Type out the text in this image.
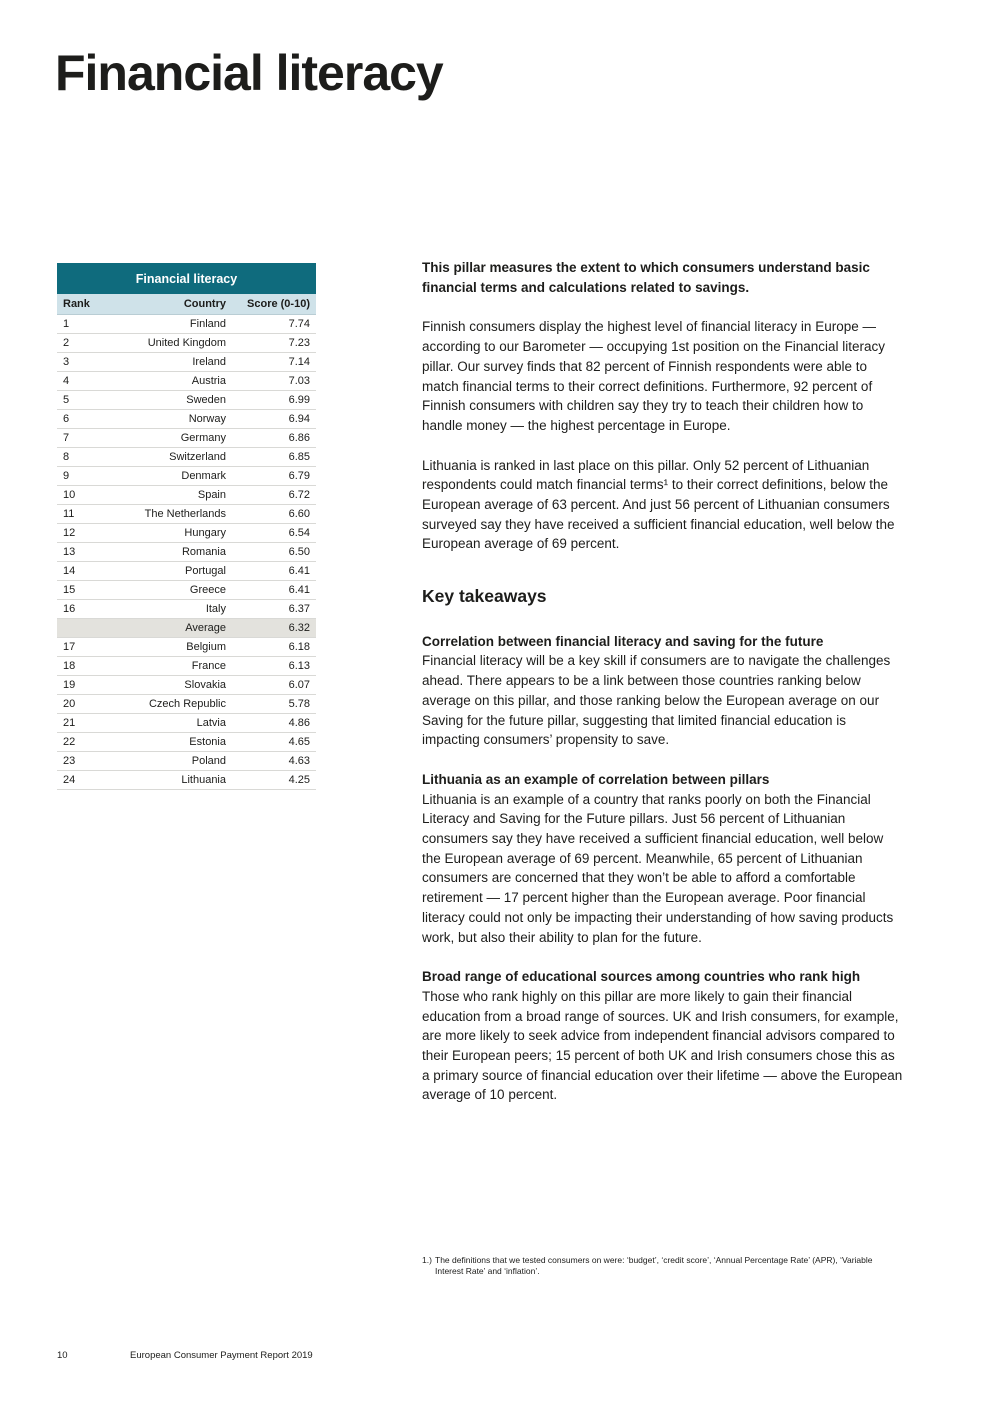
Financial literacy
Financial literacy		
Rank	Country	Score (0-10)
1	Finland	7.74
2	United Kingdom	7.23
3	Ireland	7.14
4	Austria	7.03
5	Sweden	6.99
6	Norway	6.94
7	Germany	6.86
8	Switzerland	6.85
9	Denmark	6.79
10	Spain	6.72
11	The Netherlands	6.60
12	Hungary	6.54
13	Romania	6.50
14	Portugal	6.41
15	Greece	6.41
16	Italy	6.37
	Average	6.32
17	Belgium	6.18
18	France	6.13
19	Slovakia	6.07
20	Czech Republic	5.78
21	Latvia	4.86
22	Estonia	4.65
23	Poland	4.63
24	Lithuania	4.25

This pillar measures the extent to which consumers understand basic financial terms and calculations related to savings.

Finnish consumers display the highest level of financial literacy in Europe — according to our Barometer — occupying 1st position on the Financial literacy pillar. Our survey finds that 82 percent of Finnish respondents were able to match financial terms to their correct definitions. Furthermore, 92 percent of Finnish consumers with children say they try to teach their children how to handle money — the highest percentage in Europe.

Lithuania is ranked in last place on this pillar. Only 52 percent of Lithuanian respondents could match financial terms¹ to their correct definitions, below the European average of 63 percent. And just 56 percent of Lithuanian consumers surveyed say they have received a sufficient financial education, well below the European average of 69 percent.

Key takeaways
Correlation between financial literacy and saving for the future

Financial literacy will be a key skill if consumers are to navigate the challenges ahead. There appears to be a link between those countries ranking below average on this pillar, and those ranking below the European average on our Saving for the future pillar, suggesting that limited financial education is impacting consumers’ propensity to save.

Lithuania as an example of correlation between pillars

Lithuania is an example of a country that ranks poorly on both the Financial Literacy and Saving for the Future pillars. Just 56 percent of Lithuanian consumers say they have received a sufficient financial education, well below the European average of 69 percent. Meanwhile, 65 percent of Lithuanian consumers are concerned that they won’t be able to afford a comfortable retirement — 17 percent higher than the European average. Poor financial literacy could not only be impacting their understanding of how saving products work, but also their ability to plan for the future.

Broad range of educational sources among countries who rank high

Those who rank highly on this pillar are more likely to gain their financial education from a broad range of sources. UK and Irish consumers, for example, are more likely to seek advice from independent financial advisors compared to their European peers; 15 percent of both UK and Irish consumers chose this as a primary source of financial education over their lifetime — above the European average of 10 percent.

1.) The definitions that we tested consumers on were: ‘budget’, ‘credit score’, ‘Annual Percentage Rate’ (APR), ‘Variable Interest Rate’ and ‘inflation’.
10	European Consumer Payment Report 2019
